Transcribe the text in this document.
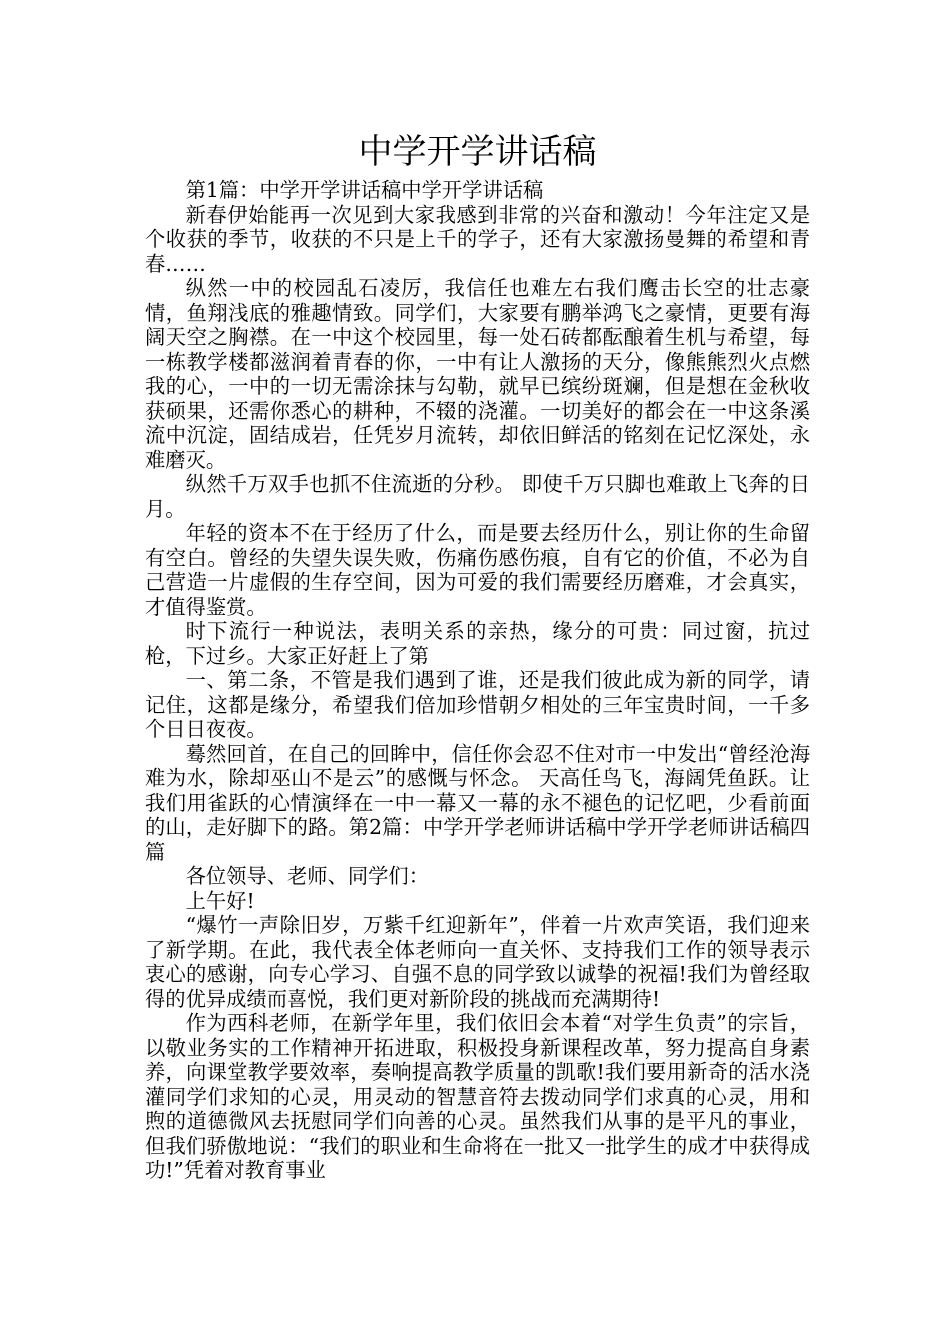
中学开学讲话稿

第1篇：中学开学讲话稿中学开学讲话稿

新春伊始能再一次见到大家我感到非常的兴奋和激动！今年注定又是个收获的季节，收获的不只是上千的学子，还有大家激扬曼舞的希望和青春……

纵然一中的校园乱石凌厉，我信任也难左右我们鹰击长空的壮志豪情，鱼翔浅底的雅趣情致。同学们，大家要有鹏举鸿飞之豪情，更要有海阔天空之胸襟。在一中这个校园里，每一处石砖都酝酿着生机与希望，每一栋教学楼都滋润着青春的你，一中有让人激扬的天分，像熊熊烈火点燃我的心，一中的一切无需涂抹与勾勒，就早已缤纷斑斓，但是想在金秋收获硕果，还需你悉心的耕种，不辍的浇灌。一切美好的都会在一中这条溪流中沉淀，固结成岩，任凭岁月流转，却依旧鲜活的铭刻在记忆深处，永难磨灭。

纵然千万双手也抓不住流逝的分秒。 即使千万只脚也难敢上飞奔的日月。

年轻的资本不在于经历了什么，而是要去经历什么，别让你的生命留有空白。曾经的失望失误失败，伤痛伤感伤痕，自有它的价值，不必为自己营造一片虚假的生存空间，因为可爱的我们需要经历磨难，才会真实，才值得鉴赏。

时下流行一种说法，表明关系的亲热，缘分的可贵：同过窗，抗过枪，下过乡。大家正好赶上了第

一、第二条，不管是我们遇到了谁，还是我们彼此成为新的同学，请记住，这都是缘分，希望我们倍加珍惜朝夕相处的三年宝贵时间，一千多个日日夜夜。

蓦然回首，在自己的回眸中，信任你会忍不住对市一中发出“曾经沧海难为水，除却巫山不是云”的感慨与怀念。 天高任鸟飞，海阔凭鱼跃。让我们用雀跃的心情演绎在一中一幕又一幕的永不褪色的记忆吧，少看前面的山，走好脚下的路。第2篇：中学开学老师讲话稿中学开学老师讲话稿四篇

各位领导、老师、同学们：

上午好!

“爆竹一声除旧岁，万紫千红迎新年”，伴着一片欢声笑语，我们迎来了新学期。在此，我代表全体老师向一直关怀、支持我们工作的领导表示衷心的感谢，向专心学习、自强不息的同学致以诚挚的祝福!我们为曾经取得的优异成绩而喜悦，我们更对新阶段的挑战而充满期待!

作为西科老师，在新学年里，我们依旧会本着“对学生负责”的宗旨，以敬业务实的工作精神开拓进取，积极投身新课程改革，努力提高自身素养，向课堂教学要效率，奏响提高教学质量的凯歌!我们要用新奇的活水浇灌同学们求知的心灵，用灵动的智慧音符去拨动同学们求真的心灵，用和煦的道德微风去抚慰同学们向善的心灵。虽然我们从事的是平凡的事业，但我们骄傲地说：“我们的职业和生命将在一批又一批学生的成才中获得成功!”凭着对教育事业
